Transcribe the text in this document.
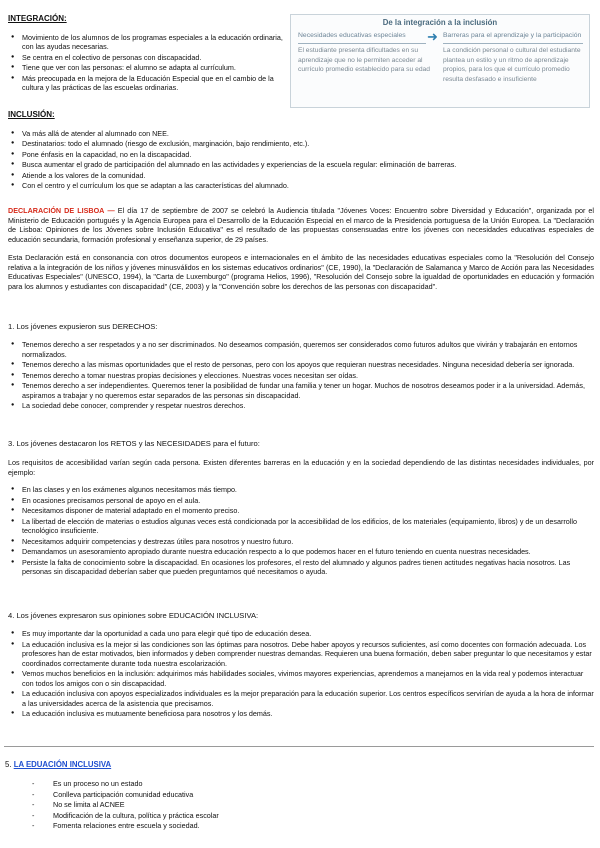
INTEGRACIÓN:
● Movimiento de los alumnos de los programas especiales a la educación ordinaria, con las ayudas necesarias.
● Se centra en el colectivo de personas con discapacidad.
● Tiene que ver con las personas: el alumno se adapta al currículum.
● Más preocupada en la mejora de la Educación Especial que en el cambio de la cultura y las prácticas de las escuelas ordinarias.
De la integración a la inclusión
Necesidades educativas especiales	➜ Barreras para el aprendizaje y la participación
El estudiante presenta dificultades en su aprendizaje que no le permiten acceder al currículo promedio establecido para su edad
La condición personal o cultural del estudiante plantea un estilo y un ritmo de aprendizaje propios, para los que el currículo promedio resulta desfasado e insuficiente
INCLUSIÓN:
● Va más allá de atender al alumnado con NEE.
● Destinatarios: todo el alumnado (riesgo de exclusión, marginación, bajo rendimiento, etc.).
● Pone énfasis en la capacidad, no en la discapacidad.
● Busca aumentar el grado de participación del alumnado en las actividades y experiencias de la escuela regular: eliminación de barreras.
● Atiende a los valores de la comunidad.
● Con el centro y el currículum los que se adaptan a las características del alumnado.

DECLARACIÓN DE LISBOA — El día 17 de septiembre de 2007 se celebró la Audiencia titulada "Jóvenes Voces: Encuentro sobre Diversidad y Educación", organizada por el Ministerio de Educación portugués y la Agencia Europea para el Desarrollo de la Educación Especial en el marco de la Presidencia portuguesa de la Unión Europea. La "Declaración de Lisboa: Opiniones de los Jóvenes sobre Inclusión Educativa" es el resultado de las propuestas consensuadas entre los jóvenes con necesidades educativas especiales de educación secundaria, formación profesional y enseñanza superior, de 29 países.

Esta Declaración está en consonancia con otros documentos europeos e internacionales en el ámbito de las necesidades educativas especiales como la "Resolución del Consejo relativa a la integración de los niños y jóvenes minusválidos en los sistemas educativos ordinarios" (CE, 1990), la "Declaración de Salamanca y Marco de Acción para las Necesidades Educativas Especiales" (UNESCO, 1994), la "Carta de Luxemburgo" (programa Helios, 1996), "Resolución del Consejo sobre la igualdad de oportunidades en educación y formación para los alumnos y estudiantes con discapacidad" (CE, 2003) y la "Convención sobre los derechos de las personas con discapacidad".

1. Los jóvenes expusieron sus DERECHOS:
● Tenemos derecho a ser respetados y a no ser discriminados. No deseamos compasión, queremos ser considerados como futuros adultos que vivirán y trabajarán en entornos normalizados.
● Tenemos derecho a las mismas oportunidades que el resto de personas, pero con los apoyos que requieran nuestras necesidades. Ninguna necesidad debería ser ignorada.
● Tenemos derecho a tomar nuestras propias decisiones y elecciones. Nuestras voces necesitan ser oídas.
● Tenemos derecho a ser independientes. Queremos tener la posibilidad de fundar una familia y tener un hogar. Muchos de nosotros deseamos poder ir a la universidad. Además, aspiramos a trabajar y no queremos estar separados de las personas sin discapacidad.
● La sociedad debe conocer, comprender y respetar nuestros derechos.
3. Los jóvenes destacaron los RETOS y las NECESIDADES para el futuro:

Los requisitos de accesibilidad varían según cada persona. Existen diferentes barreras en la educación y en la sociedad dependiendo de las distintas necesidades individuales, por ejemplo:

● En las clases y en los exámenes algunos necesitamos más tiempo.
● En ocasiones precisamos personal de apoyo en el aula.
● Necesitamos disponer de material adaptado en el momento preciso.
● La libertad de elección de materias o estudios algunas veces está condicionada por la accesibilidad de los edificios, de los materiales (equipamiento, libros) y de un desarrollo tecnológico insuficiente.
● Necesitamos adquirir competencias y destrezas útiles para nosotros y nuestro futuro.
● Demandamos un asesoramiento apropiado durante nuestra educación respecto a lo que podemos hacer en el futuro teniendo en cuenta nuestras necesidades.
● Persiste la falta de conocimiento sobre la discapacidad. En ocasiones los profesores, el resto del alumnado y algunos padres tienen actitudes negativas hacia nosotros. Las personas sin discapacidad deberían saber que pueden preguntarnos qué necesitamos o ayuda.
4. Los jóvenes expresaron sus opiniones sobre EDUCACIÓN INCLUSIVA:
● Es muy importante dar la oportunidad a cada uno para elegir qué tipo de educación desea.
● La educación inclusiva es la mejor si las condiciones son las óptimas para nosotros. Debe haber apoyos y recursos suficientes, así como docentes con formación adecuada. Los profesores han de estar motivados, bien informados y deben comprender nuestras demandas. Requieren una buena formación, deben saber preguntar lo que necesitamos y estar coordinados correctamente durante toda nuestra escolarización.
● Vemos muchos beneficios en la inclusión: adquirimos más habilidades sociales, vivimos mayores experiencias, aprendemos a manejarnos en la vida real y podemos interactuar con todos los amigos con o sin discapacidad.
● La educación inclusiva con apoyos especializados individuales es la mejor preparación para la educación superior. Los centros específicos servirían de ayuda a la hora de informar a las universidades acerca de la asistencia que precisamos.
● La educación inclusiva es mutuamente beneficiosa para nosotros y los demás.
5. LA EDUACIÓN INCLUSIVA
- Es un proceso no un estado
- Conlleva participación comunidad educativa
- No se limita al ACNEE
- Modificación de la cultura, política y práctica escolar
- Fomenta relaciones entre escuela y sociedad.
